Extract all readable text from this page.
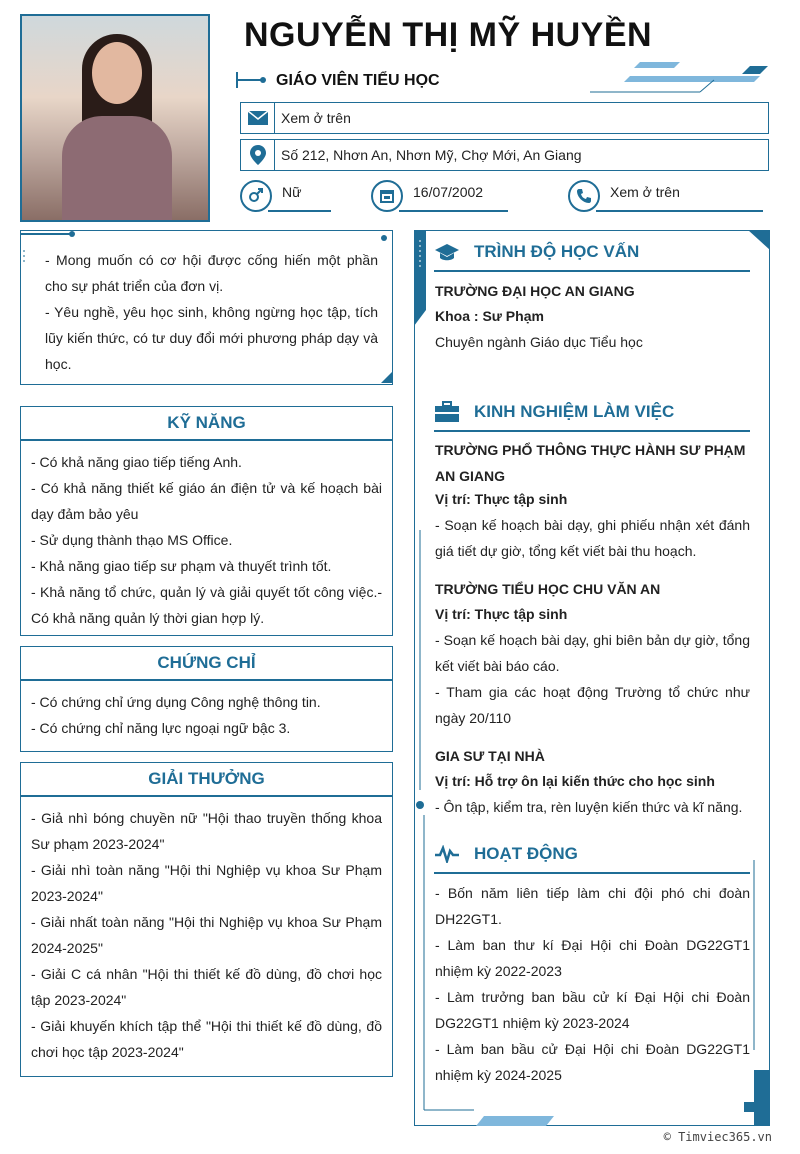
NGUYỄN THỊ MỸ HUYỀN
GIÁO VIÊN TIỂU HỌC
Xem ở trên
Số 212, Nhơn An, Nhơn Mỹ, Chợ Mới, An Giang
Nữ	16/07/2002	Xem ở trên

- Mong muốn có cơ hội được cống hiến một phần cho sự phát triển của đơn vị.

- Yêu nghề, yêu học sinh, không ngừng học tập, tích lũy kiến thức, có tư duy đổi mới phương pháp dạy và học.

KỸ NĂNG

- Có khả năng giao tiếp tiếng Anh.

- Có khả năng thiết kế giáo án điện tử và kế hoạch bài dạy đảm bảo yêu

- Sử dụng thành thạo MS Office.

- Khả năng giao tiếp sư phạm và thuyết trình tốt.

- Khả năng tổ chức, quản lý và giải quyết tốt công việc.- Có khả năng quản lý thời gian hợp lý.

CHỨNG CHỈ

- Có chứng chỉ ứng dụng Công nghệ thông tin.

- Có chứng chỉ năng lực ngoại ngữ bậc 3.

GIẢI THƯỞNG

- Giả nhì bóng chuyền nữ "Hội thao truyền thống khoa Sư phạm 2023-2024"

- Giải nhì toàn năng "Hội thi Nghiệp vụ khoa Sư Phạm 2023-2024"

- Giải nhất toàn năng "Hội thi Nghiệp vụ khoa Sư Phạm 2024-2025"

- Giải C cá nhân "Hội thi thiết kế đồ dùng, đồ chơi học tập 2023-2024"

- Giải khuyến khích tập thể "Hội thi thiết kế đồ dùng, đồ chơi học tập 2023-2024"

TRÌNH ĐỘ HỌC VẤN
TRƯỜNG ĐẠI HỌC AN GIANG
Khoa : Sư Phạm
Chuyên ngành Giáo dục Tiểu học
KINH NGHIỆM LÀM VIỆC
TRƯỜNG PHỔ THÔNG THỰC HÀNH SƯ PHẠM AN GIANG
Vị trí: Thực tập sinh
- Soạn kế hoạch bài dạy, ghi phiếu nhận xét đánh giá tiết dự giờ, tổng kết viết bài thu hoạch.
TRƯỜNG TIỂU HỌC CHU VĂN AN
Vị trí: Thực tập sinh
- Soạn kế hoạch bài dạy, ghi biên bản dự giờ, tổng kết viết bài báo cáo.
- Tham gia các hoạt động Trường tổ chức như ngày 20/110
GIA SƯ TẠI NHÀ
Vị trí: Hỗ trợ ôn lại kiến thức cho học sinh
- Ôn tập, kiểm tra, rèn luyện kiến thức và kĩ năng.
HOẠT ĐỘNG
- Bốn năm liên tiếp làm chi đội phó chi đoàn DH22GT1.
- Làm ban thư kí Đại Hội chi Đoàn DG22GT1 nhiệm kỳ 2022-2023
- Làm trưởng ban bầu cử kí Đại Hội chi Đoàn DG22GT1 nhiệm kỳ 2023-2024
- Làm ban bầu cử Đại Hội chi Đoàn DG22GT1 nhiệm kỳ 2024-2025
© Timviec365.vn
